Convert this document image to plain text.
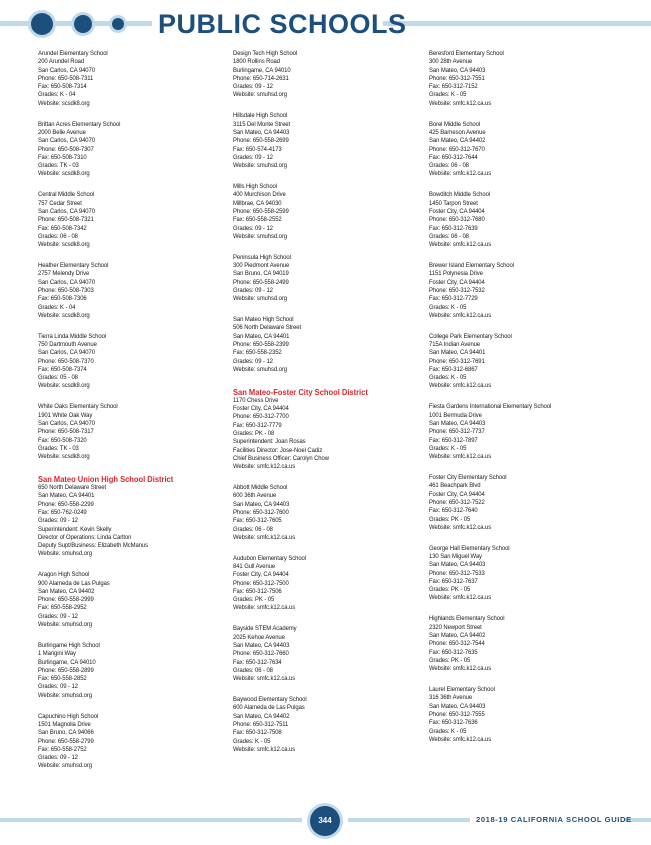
PUBLIC SCHOOLS
Arundel Elementary School
200 Arundel Road
San Carlos, CA 94070
Phone: 650-508-7311
Fax: 650-508-7314
Grades: K - 04
Website: scsdk8.org
Brittan Acres Elementary School
2000 Belle Avenue
San Carlos, CA 94070
Phone: 650-508-7307
Fax: 650-508-7310
Grades: TK - 03
Website: scsdk8.org
Central Middle School
757 Cedar Street
San Carlos, CA 94070
Phone: 650-508-7321
Fax: 650-508-7342
Grades: 06 - 08
Website: scsdk8.org
Heather Elementary School
2757 Melendy Drive
San Carlos, CA 94070
Phone: 650-508-7303
Fax: 650-508-7306
Grades: K - 04
Website: scsdk8.org
Tierra Linda Middle School
750 Dartmouth Avenue
San Carlos, CA 94070
Phone: 650-508-7370
Fax: 650-508-7374
Grades: 05 - 08
Website: scsdk8.org
White Oaks Elementary School
1901 White Oak Way
San Carlos, CA 94070
Phone: 650-508-7317
Fax: 650-508-7320
Grades: TK - 03
Website: scsdk8.org
San Mateo Union High School District
650 North Delaware Street
San Mateo, CA 94401
Phone: 650-558-2299
Fax: 650-762-0249
Grades: 09 - 12
Superintendent: Kevin Skelly
Director of Operations: Linda Carlton
Deputy Supt/Business: Elizabeth McManus
Website: smuhsd.org
Aragon High School
900 Alameda de Las Pulgas
San Mateo, CA 94402
Phone: 650-558-2999
Fax: 650-558-2952
Grades: 09 - 12
Website: smuhsd.org
Burlingame High School
1 Mangini Way
Burlingame, CA 94010
Phone: 650-558-2899
Fax: 650-558-2852
Grades: 09 - 12
Website: smuhsd.org
Capuchino High School
1501 Magnolia Drive
San Bruno, CA 94066
Phone: 650-558-2799
Fax: 650-558-2752
Grades: 09 - 12
Website: smuhsd.org
Design Tech High School
1800 Rollins Road
Burlingame, CA 94010
Phone: 650-714-2631
Grades: 09 - 12
Website: smuhsd.org
Hillsdale High School
3115 Del Monte Street
San Mateo, CA 94403
Phone: 650-558-2699
Fax: 650-574-4173
Grades: 09 - 12
Website: smuhsd.org
Mills High School
400 Murchison Drive
Millbrae, CA 94030
Phone: 650-558-2599
Fax: 650-558-2552
Grades: 09 - 12
Website: smuhsd.org
Peninsula High School
300 Piedmont Avenue
San Bruno, CA 94019
Phone: 650-558-2499
Grades: 09 - 12
Website: smuhsd.org
San Mateo High School
506 North Delaware Street
San Mateo, CA 94401
Phone: 650-558-2399
Fax: 650-558-2352
Grades: 09 - 12
Website: smuhsd.org
San Mateo-Foster City School District
1170 Chess Drive
Foster City, CA 94404
Phone: 650-312-7700
Fax: 650-312-7779
Grades: PK - 08
Superintendent: Joan Rosas
Facilities Director: Jose-Noel Cadiz
Chief Business Officer: Carolyn Chow
Website: smfc.k12.ca.us
Abbott Middle School
600 36th Avenue
San Mateo, CA 94403
Phone: 650-312-7600
Fax: 650-312-7605
Grades: 06 - 08
Website: smfc.k12.ca.us
Audubon Elementary School
841 Gull Avenue
Foster City, CA 94404
Phone: 650-312-7500
Fax: 650-312-7506
Grades: PK - 05
Website: smfc.k12.ca.us
Bayside STEM Academy
2025 Kehoe Avenue
San Mateo, CA 94403
Phone: 650-312-7660
Fax: 650-312-7634
Grades: 06 - 08
Website: smfc.k12.ca.us
Baywood Elementary School
600 Alameda de Las Pulgas
San Mateo, CA 94402
Phone: 650-312-7511
Fax: 650-312-7508
Grades: K - 05
Website: smfc.k12.ca.us
Beresford Elementary School
300 28th Avenue
San Mateo, CA 94403
Phone: 650-312-7551
Fax: 650-312-7152
Grades: K - 05
Website: smfc.k12.ca.us
Borel Middle School
425 Barneson Avenue
San Mateo, CA 94402
Phone: 650-312-7670
Fax: 650-312-7644
Grades: 06 - 08
Website: smfc.k12.ca.us
Bowditch Middle School
1450 Tarpon Street
Foster City, CA 94404
Phone: 650-312-7680
Fax: 650-312-7639
Grades: 06 - 08
Website: smfc.k12.ca.us
Brewer Island Elementary School
1151 Polynesia Drive
Foster City, CA 94404
Phone: 650-312-7532
Fax: 650-312-7729
Grades: K - 05
Website: smfc.k12.ca.us
College Park Elementary School
715A Indian Avenue
San Mateo, CA 94401
Phone: 650-312-7691
Fax: 650-312-6867
Grades: K - 05
Website: smfc.k12.ca.us
Fiesta Gardens International Elementary School
1001 Bermuda Drive
San Mateo, CA 94403
Phone: 650-312-7737
Fax: 650-312-7897
Grades: K - 05
Website: smfc.k12.ca.us
Foster City Elementary School
461 Beachpark Blvd
Foster City, CA 94404
Phone: 650-312-7522
Fax: 650-312-7640
Grades: PK - 05
Website: smfc.k12.ca.us
George Hall Elementary School
130 San Miguel Way
San Mateo, CA 94403
Phone: 650-312-7533
Fax: 650-312-7637
Grades: PK - 05
Website: smfc.k12.ca.us
Highlands Elementary School
2320 Newport Street
San Mateo, CA 94402
Phone: 650-312-7544
Fax: 650-312-7635
Grades: PK - 05
Website: smfc.k12.ca.us
Laurel Elementary School
316 36th Avenue
San Mateo, CA 94403
Phone: 650-312-7555
Fax: 650-312-7636
Grades: K - 05
Website: smfc.k12.ca.us
344	2018-19 CALIFORNIA SCHOOL GUIDE
